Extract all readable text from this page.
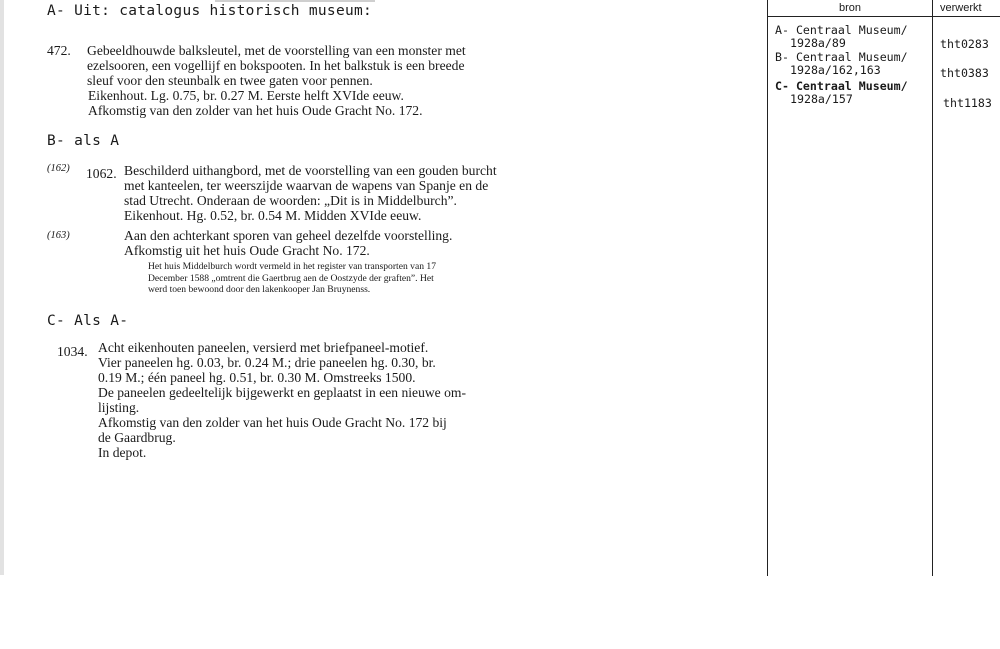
A- Uit: catalogus historisch museum:
472. Gebeeldhouwde balksleutel, met de voorstelling van een monster met
ezelsooren, een vogellijf en bokspooten. In het balkstuk is een breede
sleuf voor den steunbalk en twee gaten voor pennen.
Eikenhout. Lg. 0.75, br. 0.27 M. Eerste helft XVIde eeuw.
Afkomstig van den zolder van het huis Oude Gracht No. 172.
B- als A
(162) 1062. Beschilderd uithangbord, met de voorstelling van een gouden burcht
met kanteelen, ter weerszijde waarvan de wapens van Spanje en de
stad Utrecht. Onderaan de woorden: „Dit is in Middelburch”.
Eikenhout. Hg. 0.52, br. 0.54 M. Midden XVIde eeuw.
(163)	Aan den achterkant sporen van geheel dezelfde voorstelling.
Afkomstig uit het huis Oude Gracht No. 172.
Het huis Middelburch wordt vermeld in het register van transporten van 17
December 1588 „omtrent die Gaertbrug aen de Oostzyde der graften”. Het
werd toen bewoond door den lakenkooper Jan Bruynenss.
C- Als A-
1034. Acht eikenhouten paneelen, versierd met briefpaneel-motief.
Vier paneelen hg. 0.03, br. 0.24 M.; drie paneelen hg. 0.30, br.
0.19 M.; één paneel hg. 0.51, br. 0.30 M. Omstreeks 1500.
De paneelen gedeeltelijk bijgewerkt en geplaatst in een nieuwe om-
lijsting.
Afkomstig van den zolder van het huis Oude Gracht No. 172 bij
de Gaardbrug.
In depot.
bron	verwerkt
A- Centraal Museum/
1928a/89	tht0283
B- Centraal Museum/
1928a/162,163	tht0383
C- Centraal Museum/
1928a/157	tht1183
